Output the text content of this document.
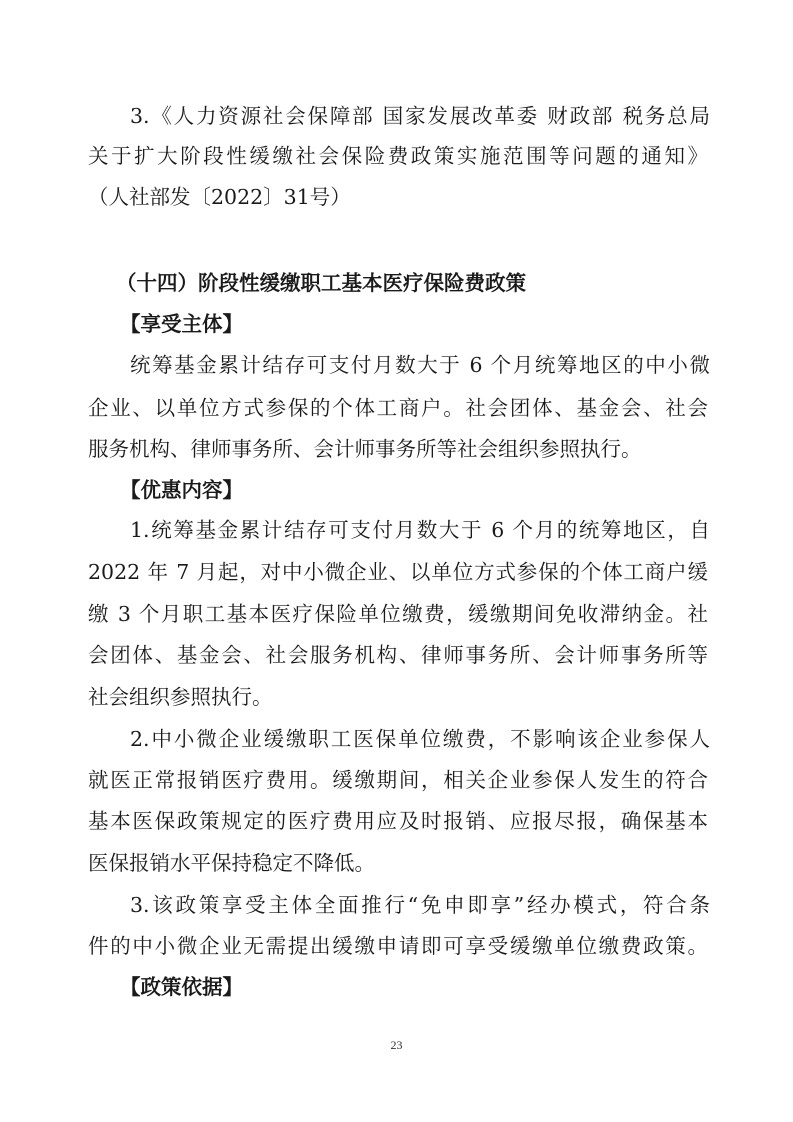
3.《人力资源社会保障部 国家发展改革委 财政部 税务总局
关于扩大阶段性缓缴社会保险费政策实施范围等问题的通知》
（人社部发〔2022〕31号）
（十四）阶段性缓缴职工基本医疗保险费政策
【享受主体】
统筹基金累计结存可支付月数大于 6 个月统筹地区的中小微
企业、以单位方式参保的个体工商户。社会团体、基金会、社会
服务机构、律师事务所、会计师事务所等社会组织参照执行。
【优惠内容】
1.统筹基金累计结存可支付月数大于 6 个月的统筹地区，自
2022 年 7 月起，对中小微企业、以单位方式参保的个体工商户缓
缴 3 个月职工基本医疗保险单位缴费，缓缴期间免收滞纳金。社
会团体、基金会、社会服务机构、律师事务所、会计师事务所等
社会组织参照执行。
2.中小微企业缓缴职工医保单位缴费，不影响该企业参保人
就医正常报销医疗费用。缓缴期间，相关企业参保人发生的符合
基本医保政策规定的医疗费用应及时报销、应报尽报，确保基本
医保报销水平保持稳定不降低。
3.该政策享受主体全面推行“免申即享”经办模式，符合条
件的中小微企业无需提出缓缴申请即可享受缓缴单位缴费政策。
【政策依据】
23
